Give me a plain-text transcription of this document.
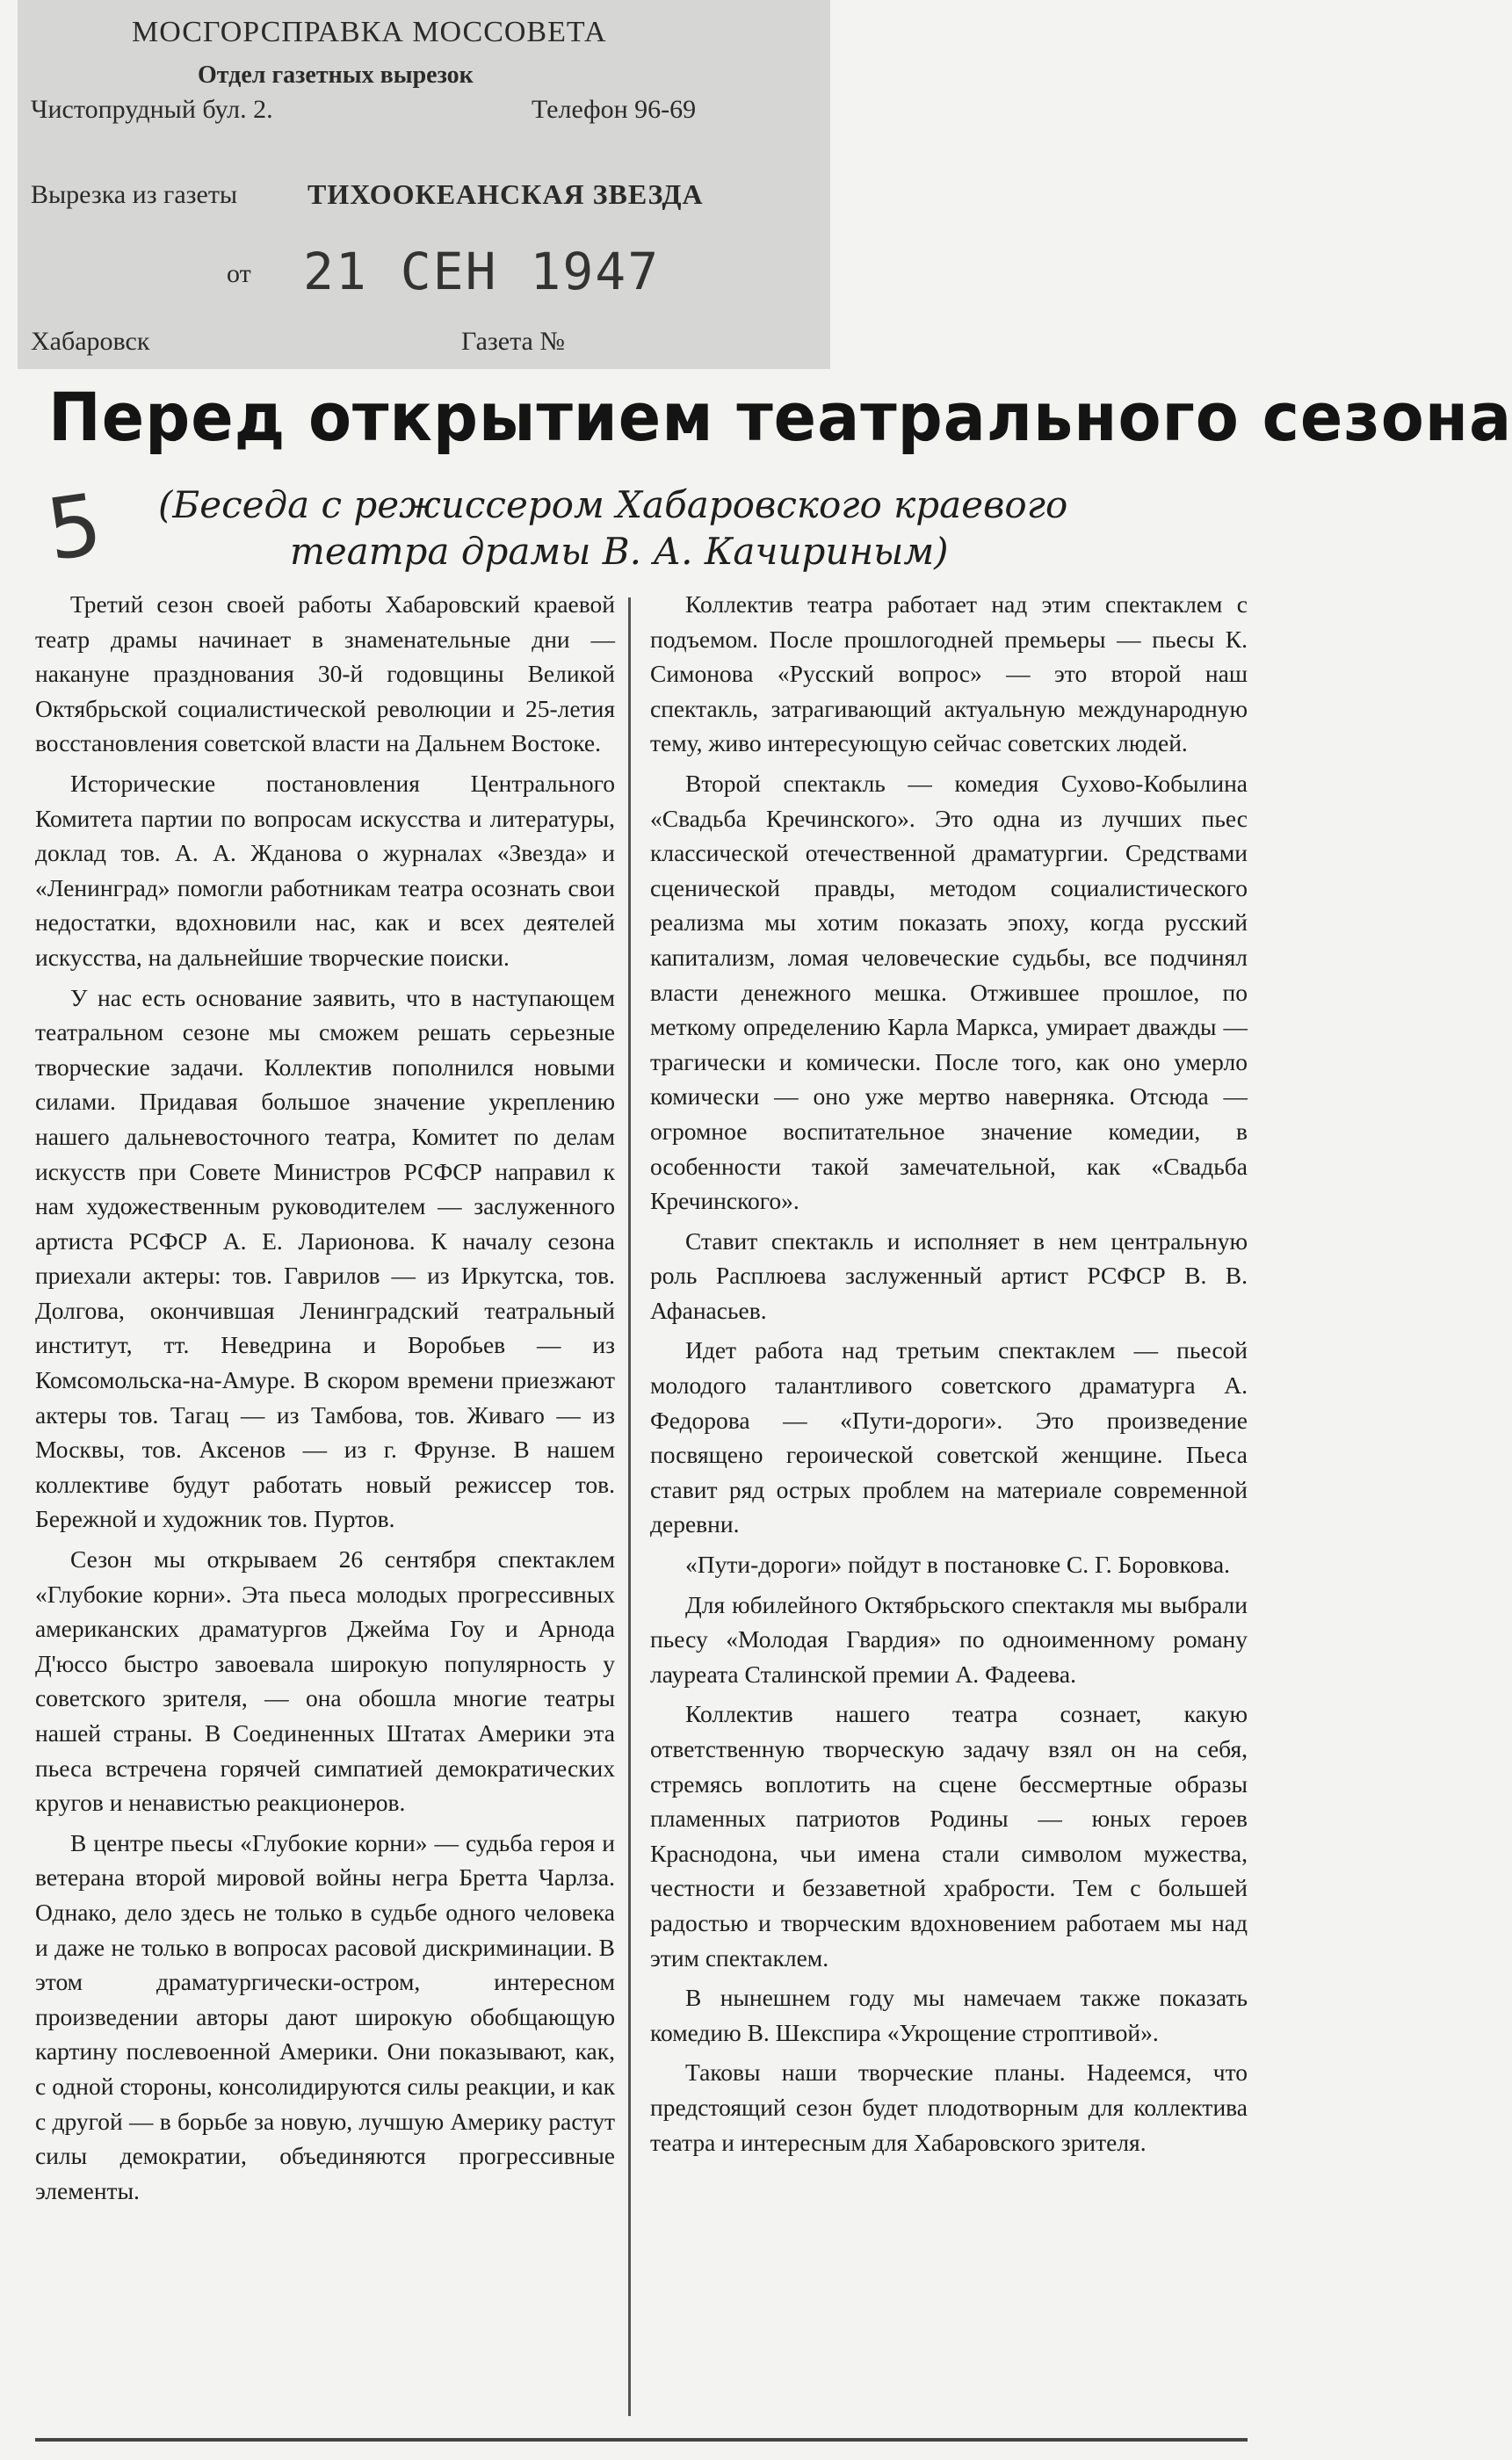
МОСГОРСПРАВКА МОССОВЕТА
Отдел газетных вырезок
Чистопрудный бул. 2.	Телефон 96-69
Вырезка из газеты ТИХООКЕАНСКАЯ ЗВЕЗДА
от 21 СЕН 1947
Хабаровск	Газета №
Перед открытием театрального сезона
5	(Беседа с режиссером Хабаровского краевого
театра драмы В. А. Качириным)

Третий сезон своей работы Хабаровский краевой театр драмы начинает в знаменательные дни — накануне празднования 30-й годовщины Великой Октябрьской социалистической революции и 25-летия восстановления советской власти на Дальнем Востоке.

Исторические постановления Центрального Комитета партии по вопросам искусства и литературы, доклад тов. А. А. Жданова о журналах «Звезда» и «Ленинград» помогли работникам театра осознать свои недостатки, вдохновили нас, как и всех деятелей искусства, на дальнейшие творческие поиски.

У нас есть основание заявить, что в наступающем театральном сезоне мы сможем решать серьезные творческие задачи. Коллектив пополнился новыми силами. Придавая большое значение укреплению нашего дальневосточного театра, Комитет по делам искусств при Совете Министров РСФСР направил к нам художественным руководителем — заслуженного артиста РСФСР А. Е. Ларионова. К началу сезона приехали актеры: тов. Гаврилов — из Иркутска, тов. Долгова, окончившая Ленинградский театральный институт, тт. Неведрина и Воробьев — из Комсомольска-на-Амуре. В скором времени приезжают актеры тов. Тагац — из Тамбова, тов. Живаго — из Москвы, тов. Аксенов — из г. Фрунзе. В нашем коллективе будут работать новый режиссер тов. Бережной и художник тов. Пуртов.

Сезон мы открываем 26 сентября спектаклем «Глубокие корни». Эта пьеса молодых прогрессивных американских драматургов Джейма Гоу и Арнода Д'юссо быстро завоевала широкую популярность у советского зрителя, — она обошла многие театры нашей страны. В Соединенных Штатах Америки эта пьеса встречена горячей симпатией демократических кругов и ненавистью реакционеров.

В центре пьесы «Глубокие корни» — судьба героя и ветерана второй мировой войны негра Бретта Чарлза. Однако, дело здесь не только в судьбе одного человека и даже не только в вопросах расовой дискриминации. В этом драматургически-остром, интересном произведении авторы дают широкую обобщающую картину послевоенной Америки. Они показывают, как, с одной стороны, консолидируются силы реакции, и как с другой — в борьбе за новую, лучшую Америку растут силы демократии, объединяются прогрессивные элементы.

Коллектив театра работает над этим спектаклем с подъемом. После прошлогодней премьеры — пьесы К. Симонова «Русский вопрос» — это второй наш спектакль, затрагивающий актуальную международную тему, живо интересующую сейчас советских людей.

Второй спектакль — комедия Сухово-Кобылина «Свадьба Кречинского». Это одна из лучших пьес классической отечественной драматургии. Средствами сценической правды, методом социалистического реализма мы хотим показать эпоху, когда русский капитализм, ломая человеческие судьбы, все подчинял власти денежного мешка. Отжившее прошлое, по меткому определению Карла Маркса, умирает дважды — трагически и комически. После того, как оно умерло комически — оно уже мертво наверняка. Отсюда — огромное воспитательное значение комедии, в особенности такой замечательной, как «Свадьба Кречинского».

Ставит спектакль и исполняет в нем центральную роль Расплюева заслуженный артист РСФСР В. В. Афанасьев.

Идет работа над третьим спектаклем — пьесой молодого талантливого советского драматурга А. Федорова — «Пути-дороги». Это произведение посвящено героической советской женщине. Пьеса ставит ряд острых проблем на материале современной деревни.

«Пути-дороги» пойдут в постановке С. Г. Боровкова.

Для юбилейного Октябрьского спектакля мы выбрали пьесу «Молодая Гвардия» по одноименному роману лауреата Сталинской премии А. Фадеева.

Коллектив нашего театра сознает, какую ответственную творческую задачу взял он на себя, стремясь воплотить на сцене бессмертные образы пламенных патриотов Родины — юных героев Краснодона, чьи имена стали символом мужества, честности и беззаветной храбрости. Тем с большей радостью и творческим вдохновением работаем мы над этим спектаклем.

В нынешнем году мы намечаем также показать комедию В. Шекспира «Укрощение строптивой».

Таковы наши творческие планы. Надеемся, что предстоящий сезон будет плодотворным для коллектива театра и интересным для Хабаровского зрителя.
